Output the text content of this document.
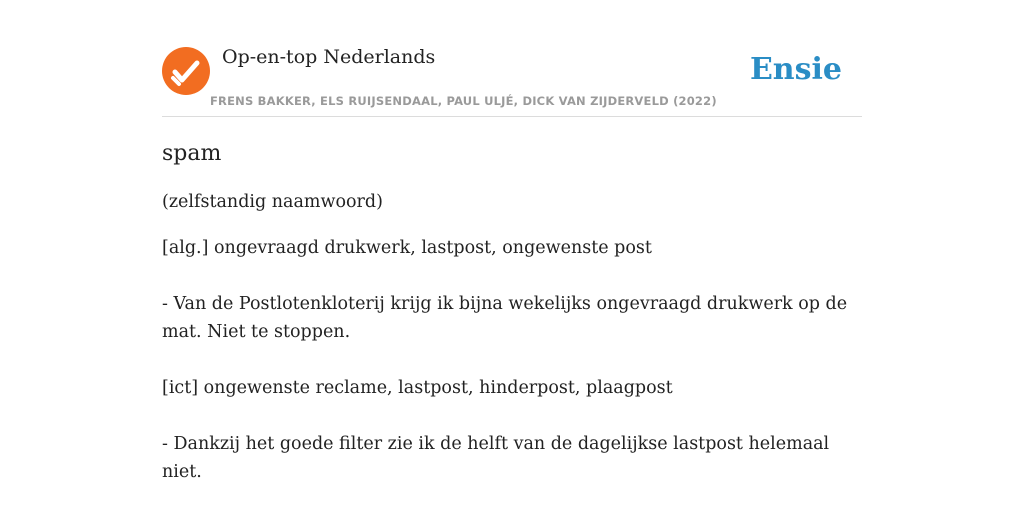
Op-en-top Nederlands
FRENS BAKKER, ELS RUIJSENDAAL, PAUL ULJÉ, DICK VAN ZIJDERVELD (2022)
Ensie
spam
(zelfstandig naamwoord)
[alg.] ongevraagd drukwerk, lastpost, ongewenste post
- Van de Postlotenkloterij krijg ik bijna wekelijks ongevraagd drukwerk op de mat. Niet te stoppen.
[ict] ongewenste reclame, lastpost, hinderpost, plaagpost
- Dankzij het goede filter zie ik de helft van de dagelijkse lastpost helemaal niet.
